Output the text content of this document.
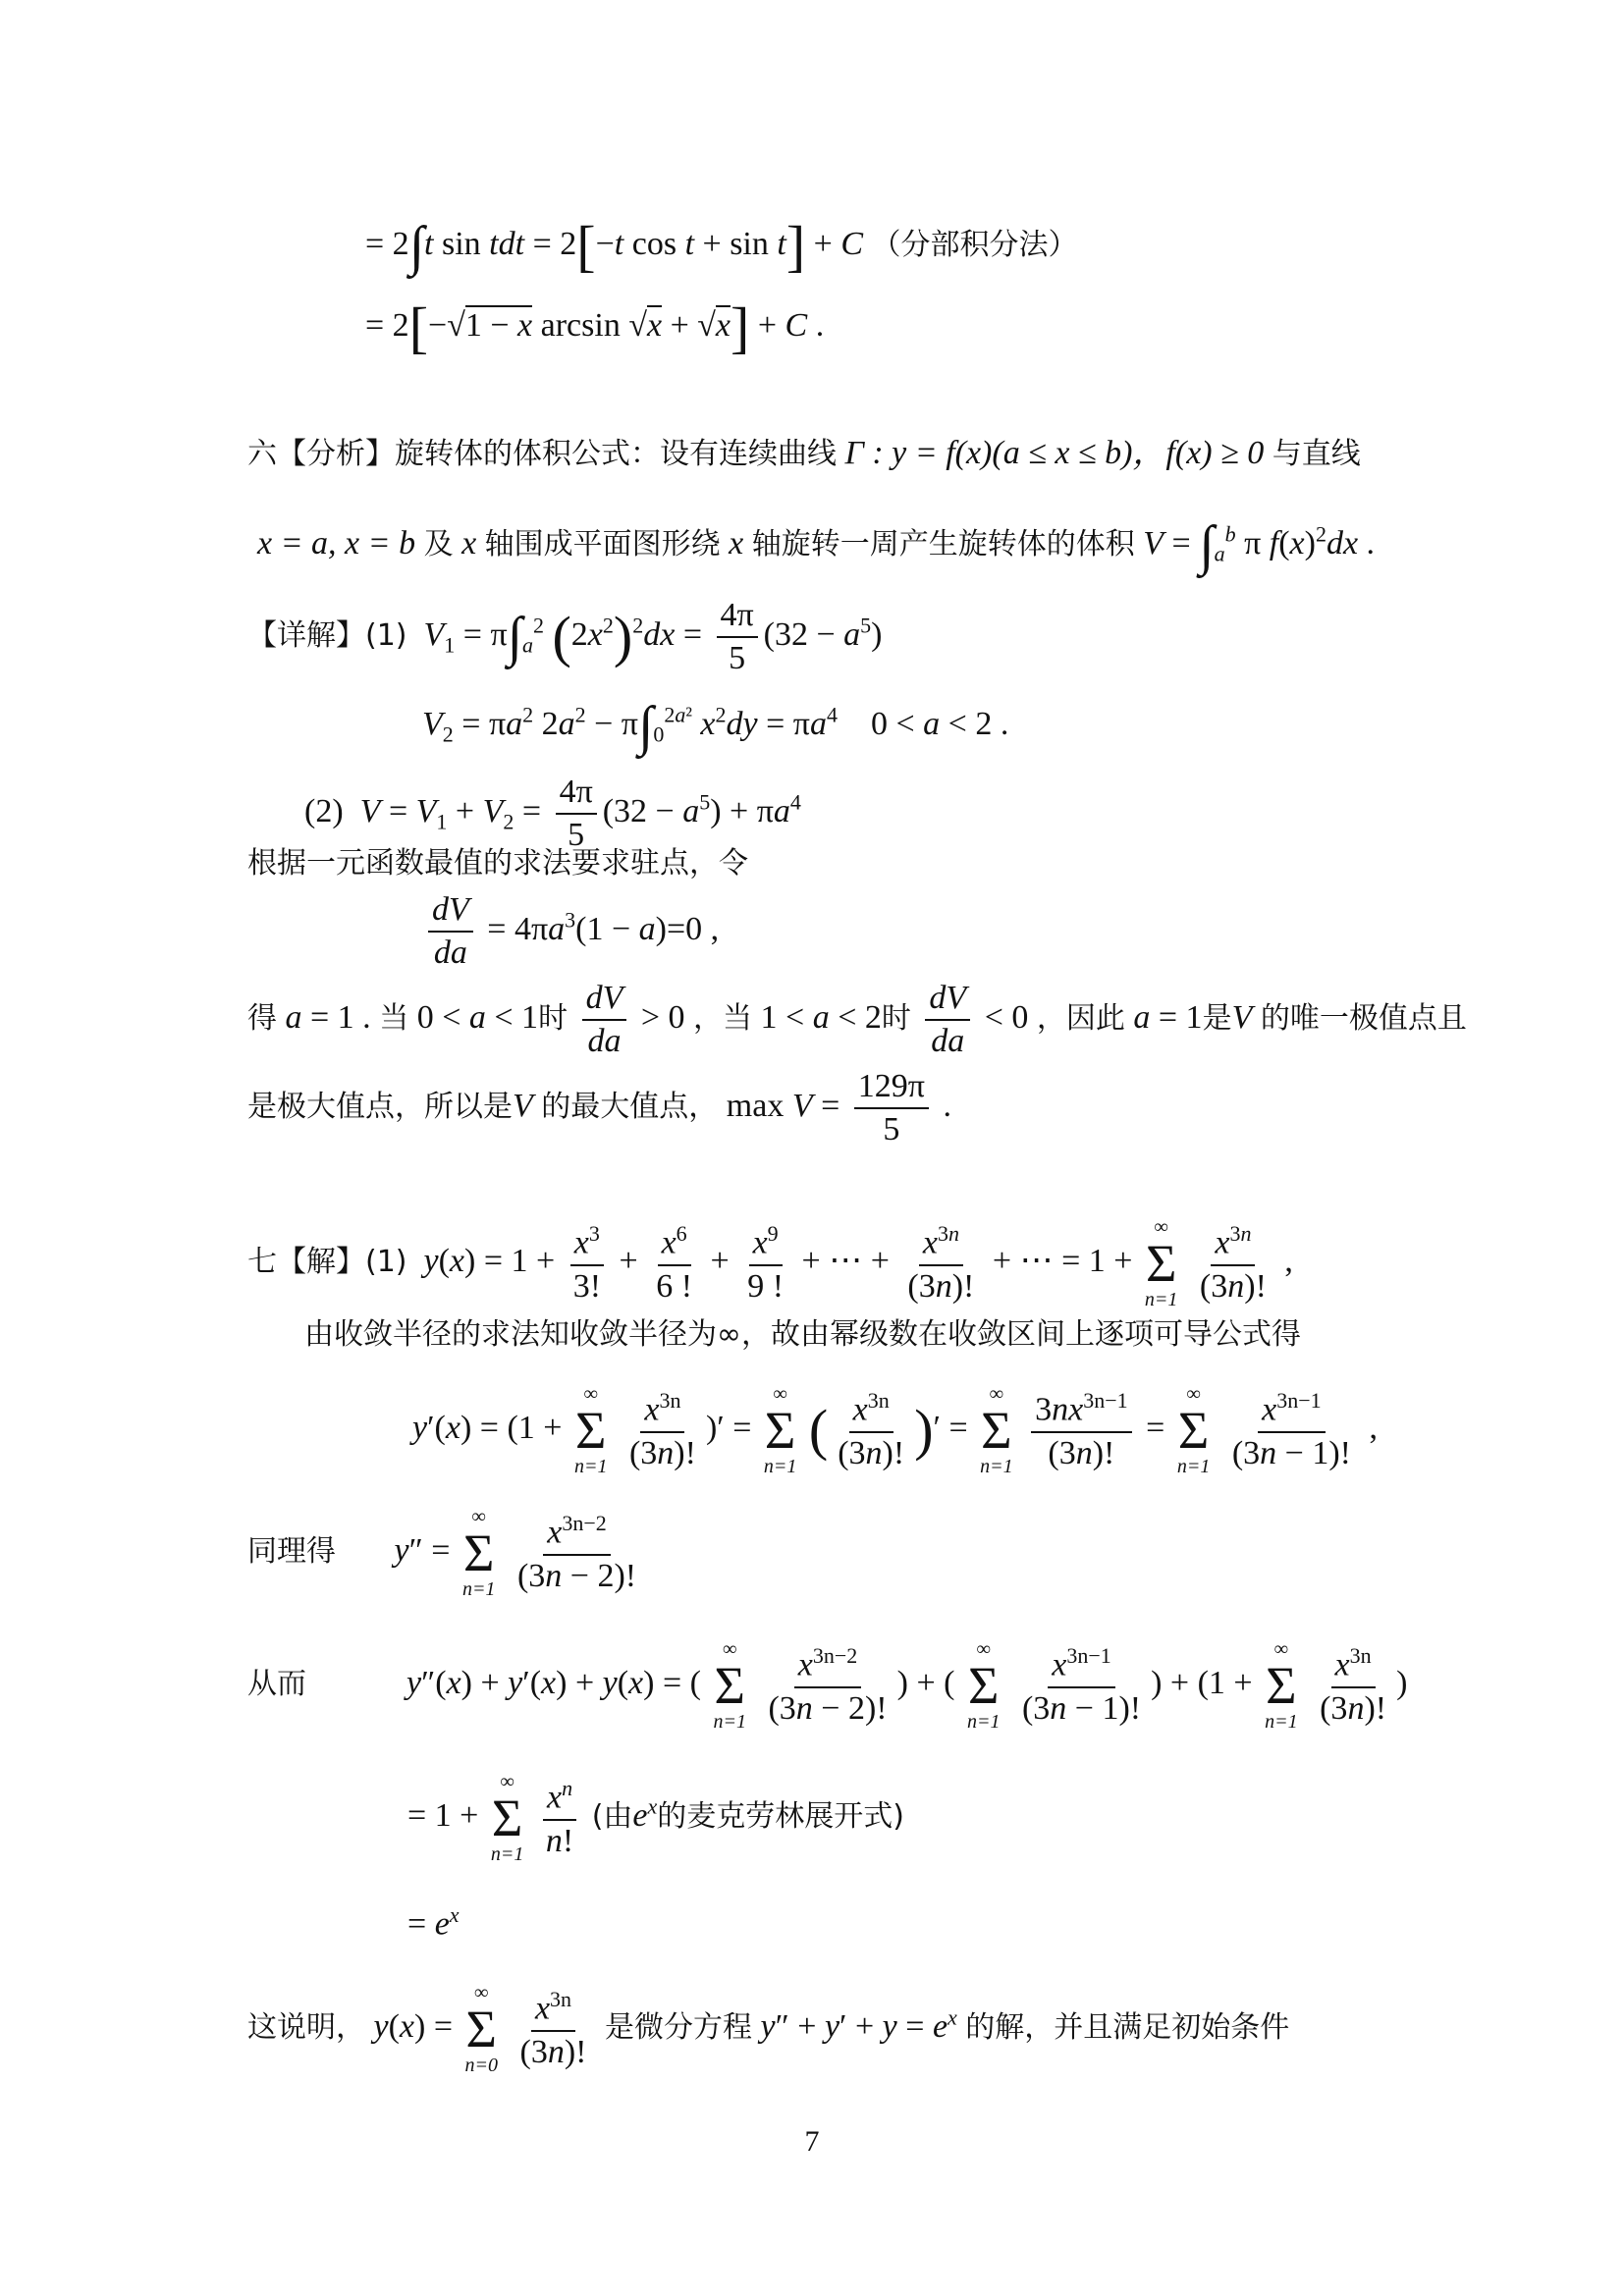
= 2∫t sin tdt = 2[−t cos t + sin t] + C （分部积分法）
= 2[−√1 − x arcsin √x + √x] + C .
六【分析】旋转体的体积公式：设有连续曲线 Γ : y = f(x)(a ≤ x ≤ b)，f(x) ≥ 0 与直线
x = a, x = b 及 x 轴围成平面图形绕 x 轴旋转一周产生旋转体的体积 $V = \int_a^b$ π $f(x)^2dx$ .
【详解】(1) $V_1 = \pi\int_a^2$ $(2x^2)^2dx = \frac{4\pi}{5} (32 - a^5)$
$V_2 = \pi a^2$ $2a^2 - \pi\int_0^{2a^2}$ $x^2dy = \pi a^4$    0 < a < 2 .
(2) $V = V_1 + V_2 = \frac{4\pi}{5} (32 - a^5) + \pi a^4$
根据一元函数最值的求法要求驻点，令
$\frac{dV}{da} = 4\pi a^3(1 - a)=0$ ,
得 a = 1 . 当 0 < a < 1时 $\frac{dV}{da} > 0$ ，当 1 < a < 2时 $\frac{dV}{da} < 0$ ，因此 a = 1是V 的唯一极值点且
是极大值点，所以是V 的最大值点， $\max V = \frac{129\pi}{5}$ .
七【解】(1) $y(x) = 1 + \frac{x^3}{3!} + \frac{x^6}{6 !} + \frac{x^9}{9 !}$ + ⋯ + $\frac{x^{3n}}{(3n)!}$ + ⋯ = 1 +
∞
Σ
n=1
$\frac{x^{3n}}{(3n)!}$ ,
由收敛半径的求法知收敛半径为∞，故由幂级数在收敛区间上逐项可导公式得
y′(x) = (1 +
∞
Σ
n=1
$\frac{x^{3n}}{(3n)!}$ )′ =
∞
Σ
n=1
( $\frac{x^{3n}}{(3n)!}$ )′ =
∞
Σ
n=1
$\frac{3nx^{3n-1}}{(3n)!}$ =
∞
Σ
n=1
$\frac{x^{3n-1}}{(3n - 1)!}$ ,
同理得 y″ =
∞
Σ
n=1
$\frac{x^{3n-2}}{(3n - 2)!}$
从而	y″(x) + y′(x) + y(x) = (
∞
Σ
n=1
$\frac{x^{3n-2}}{(3n - 2)!}$ ) + (
∞
Σ
n=1
$\frac{x^{3n-1}}{(3n - 1)!}$ ) + (1 +
∞
Σ
n=1
$\frac{x^{3n}}{(3n)!}$ )
= 1 +
∞
Σ
n=1
$\frac{x^n}{n!}$ (由$e^x$的麦克劳林展开式)
= $e^x$
这说明， y(x) =
∞
Σ
n=0
$\frac{x^{3n}}{(3n)!}$ 是微分方程 $y'' + y' + y = e^x$ 的解，并且满足初始条件
7
